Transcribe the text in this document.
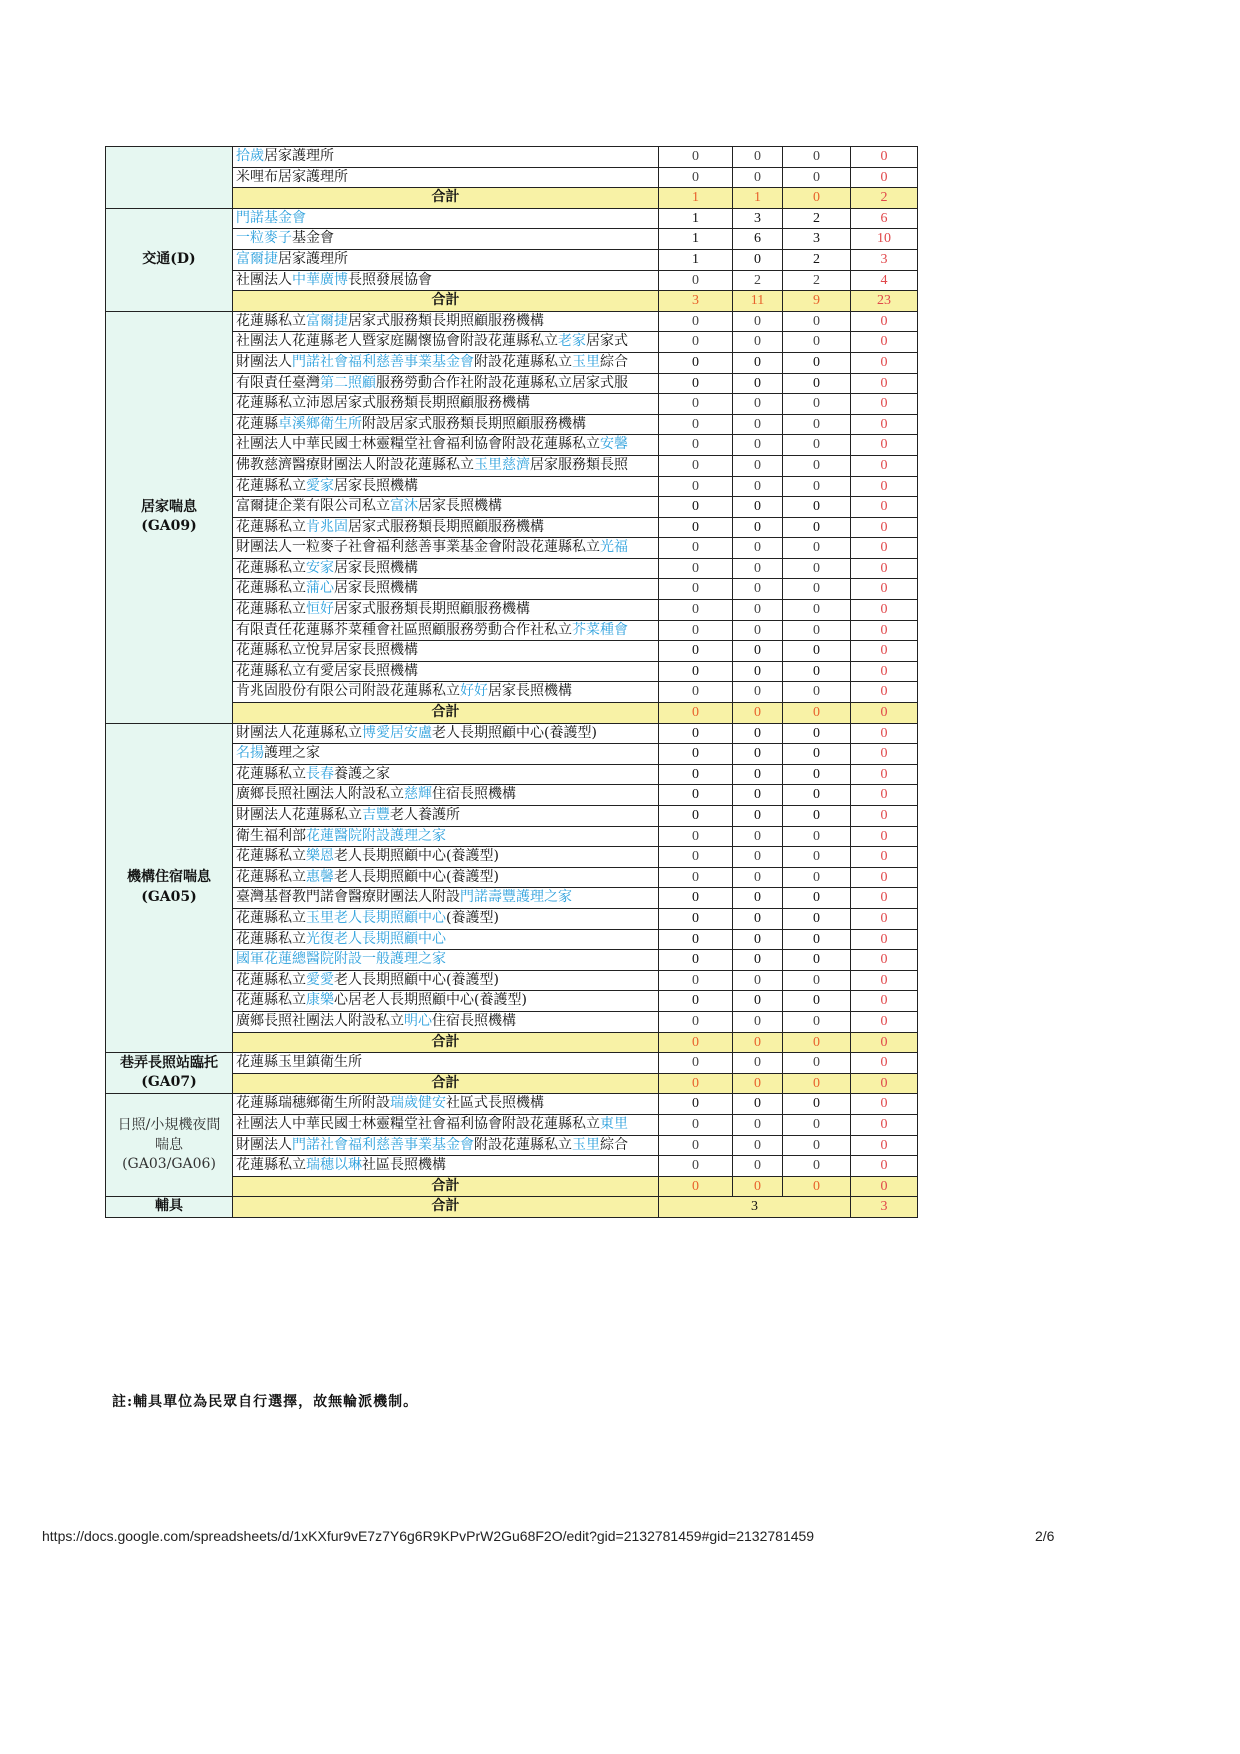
	拾歲居家護理所	0	0	0	0
	米哩布居家護理所	0	0	0	0
	合計	1	1	0	2
交通(D)	門諾基金會	1	3	2	6
	一粒麥子基金會	1	6	3	10
	富爾捷居家護理所	1	0	2	3
	社團法人中華廣博長照發展協會	0	2	2	4
	合計	3	11	9	23
居家喘息
(GA09)	花蓮縣私立富爾捷居家式服務類長期照顧服務機構	0	0	0	0
	社團法人花蓮縣老人暨家庭關懷協會附設花蓮縣私立老家居家式	0	0	0	0
	財團法人門諾社會福利慈善事業基金會附設花蓮縣私立玉里綜合	0	0	0	0
	有限責任臺灣第二照顧服務勞動合作社附設花蓮縣私立居家式服	0	0	0	0
	花蓮縣私立沛恩居家式服務類長期照顧服務機構	0	0	0	0
	花蓮縣卓溪鄉衛生所附設居家式服務類長期照顧服務機構	0	0	0	0
	社團法人中華民國士林靈糧堂社會福利協會附設花蓮縣私立安馨	0	0	0	0
	佛教慈濟醫療財團法人附設花蓮縣私立玉里慈濟居家服務類長照	0	0	0	0
	花蓮縣私立愛家居家長照機構	0	0	0	0
	富爾捷企業有限公司私立富沐居家長照機構	0	0	0	0
	花蓮縣私立肯兆固居家式服務類長期照顧服務機構	0	0	0	0
	財團法人一粒麥子社會福利慈善事業基金會附設花蓮縣私立光福	0	0	0	0
	花蓮縣私立安家居家長照機構	0	0	0	0
	花蓮縣私立蒲心居家長照機構	0	0	0	0
	花蓮縣私立恒好居家式服務類長期照顧服務機構	0	0	0	0
	有限責任花蓮縣芥菜種會社區照顧服務勞動合作社私立芥菜種會	0	0	0	0
	花蓮縣私立悅昇居家長照機構	0	0	0	0
	花蓮縣私立有愛居家長照機構	0	0	0	0
	肯兆固股份有限公司附設花蓮縣私立好好居家長照機構	0	0	0	0
	合計	0	0	0	0
機構住宿喘息
(GA05)	財團法人花蓮縣私立博愛居安盧老人長期照顧中心(養護型)	0	0	0	0
	名揚護理之家	0	0	0	0
	花蓮縣私立長春養護之家	0	0	0	0
	廣鄉長照社團法人附設私立慈輝住宿長照機構	0	0	0	0
	財團法人花蓮縣私立吉豐老人養護所	0	0	0	0
	衛生福利部花蓮醫院附設護理之家	0	0	0	0
	花蓮縣私立樂恩老人長期照顧中心(養護型)	0	0	0	0
	花蓮縣私立惠馨老人長期照顧中心(養護型)	0	0	0	0
	臺灣基督教門諾會醫療財團法人附設門諾壽豐護理之家	0	0	0	0
	花蓮縣私立玉里老人長期照顧中心(養護型)	0	0	0	0
	花蓮縣私立光復老人長期照顧中心	0	0	0	0
	國軍花蓮總醫院附設一般護理之家	0	0	0	0
	花蓮縣私立愛愛老人長期照顧中心(養護型)	0	0	0	0
	花蓮縣私立康樂心居老人長期照顧中心(養護型)	0	0	0	0
	廣鄉長照社團法人附設私立明心住宿長照機構	0	0	0	0
	合計	0	0	0	0
巷弄長照站臨托
(GA07)	花蓮縣玉里鎮衛生所	0	0	0	0
	合計	0	0	0	0
日照/小規機夜間
喘息
(GA03/GA06)	花蓮縣瑞穗鄉衛生所附設瑞歲健安社區式長照機構	0	0	0	0
	社團法人中華民國士林靈糧堂社會福利協會附設花蓮縣私立東里	0	0	0	0
	財團法人門諾社會福利慈善事業基金會附設花蓮縣私立玉里綜合	0	0	0	0
	花蓮縣私立瑞穗以琳社區長照機構	0	0	0	0
	合計	0	0	0	0
輔具	合計	3			3
註:輔具單位為民眾自行選擇，故無輪派機制。
https://docs.google.com/spreadsheets/d/1xKXfur9vE7z7Y6g6R9KPvPrW2Gu68F2O/edit?gid=2132781459#gid=2132781459	2/6
